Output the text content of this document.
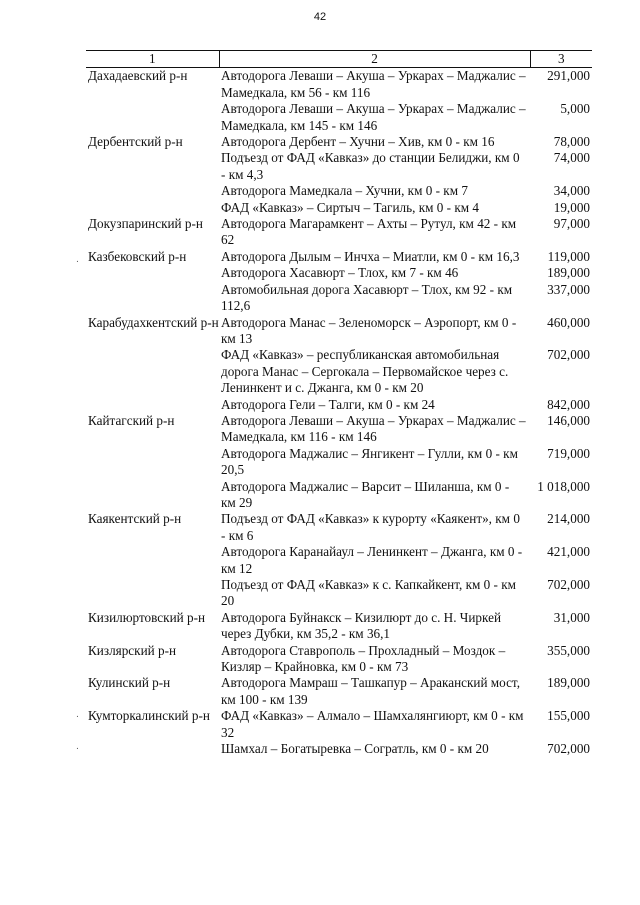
42
.
.
.
1	2	3
Дахадаевский р-н	Автодорога Леваши – Акуша – Уркарах – Маджалис – Мамедкала, км 56 - км 116	291,000
	Автодорога Леваши – Акуша – Уркарах – Маджалис – Мамедкала, км 145 - км 146	5,000
Дербентский р-н	Автодорога Дербент – Хучни – Хив, км 0 - км 16	78,000
	Подъезд от ФАД «Кавказ» до станции Белиджи, км 0 - км 4,3	74,000
	Автодорога Мамедкала – Хучни, км 0 - км 7	34,000
	ФАД «Кавказ» – Сиртыч – Тагиль, км 0 - км 4	19,000
Докузпаринский р-н	Автодорога Магарамкент – Ахты – Рутул, км 42 - км 62	97,000
Казбековский р-н	Автодорога Дылым – Инчха – Миатли, км 0 - км 16,3	119,000
	Автодорога Хасавюрт – Тлох, км 7 - км 46	189,000
	Автомобильная дорога Хасавюрт – Тлох, км 92 - км 112,6	337,000
Карабудахкентский р-н	Автодорога Манас – Зеленоморск – Аэропорт, км 0 - км 13	460,000
	ФАД «Кавказ» – республиканская автомобильная дорога Манас – Сергокала – Первомайское через с. Ленинкент и с. Джанга, км 0 - км 20	702,000
	Автодорога Гели – Талги, км 0 - км 24	842,000
Кайтагский р-н	Автодорога Леваши – Акуша – Уркарах – Маджалис – Мамедкала, км 116 - км 146	146,000
	Автодорога Маджалис – Янгикент – Гулли, км 0 - км 20,5	719,000
	Автодорога Маджалис – Варсит – Шиланша, км 0 - км 29	1 018,000
Каякентский р-н	Подъезд от ФАД «Кавказ» к курорту «Каякент», км 0 - км 6	214,000
	Автодорога Каранайаул – Ленинкент – Джанга, км 0 - км 12	421,000
	Подъезд от ФАД «Кавказ» к с. Капкайкент, км 0 - км 20	702,000
Кизилюртовский р-н	Автодорога Буйнакск – Кизилюрт до с. Н. Чиркей через Дубки, км 35,2 - км 36,1	31,000
Кизлярский р-н	Автодорога Ставрополь – Прохладный – Моздок – Кизляр – Крайновка, км 0 - км 73	355,000
Кулинский р-н	Автодорога Мамраш – Ташкапур – Араканский мост, км 100 - км 139	189,000
Кумторкалинский р-н	ФАД «Кавказ» – Алмало – Шамхалянгиюрт, км 0 - км 32	155,000
	Шамхал – Богатыревка – Согратль, км 0 - км 20	702,000
